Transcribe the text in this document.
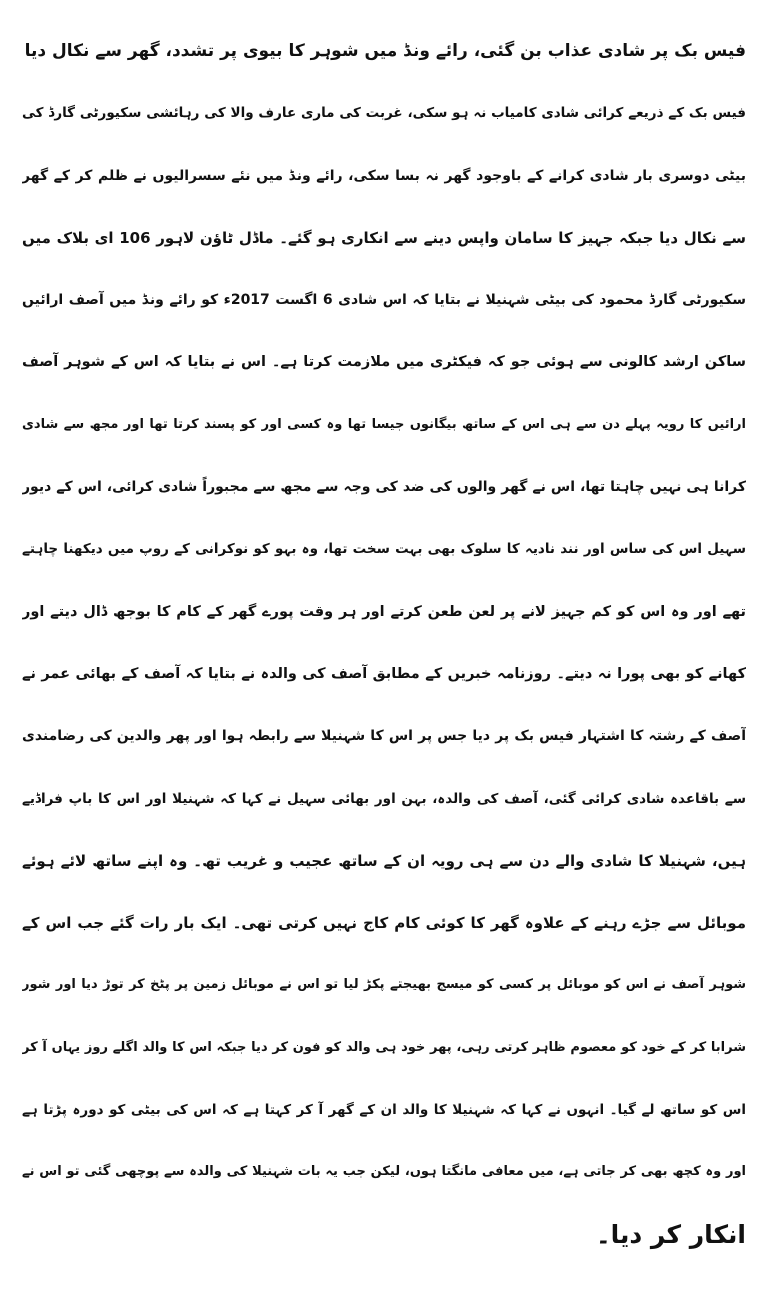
فیس بک پر شادی عذاب بن گئی، رائے ونڈ میں شوہر کا بیوی پر تشدد، گھر سے نکال دیا
فیس بک کے ذریعے کرائی شادی کامیاب نہ ہو سکی، غربت کی ماری عارف والا کی رہائشی سکیورٹی گارڈ کی
بیٹی دوسری بار شادی کرانے کے باوجود گھر نہ بسا سکی، رائے ونڈ میں نئے سسرالیوں نے ظلم کر کے گھر
سے نکال دیا جبکہ جہیز کا سامان واپس دینے سے انکاری ہو گئے۔ ماڈل ٹاؤن لاہور 106 ای بلاک میں
سکیورٹی گارڈ محمود کی بیٹی شہنیلا نے بتایا کہ اس شادی 6 اگست 2017ء کو رائے ونڈ میں آصف ارائیں
ساکن ارشد کالونی سے ہوئی جو کہ فیکٹری میں ملازمت کرتا ہے۔ اس نے بتایا کہ اس کے شوہر آصف
ارائیں کا رویہ پہلے دن سے ہی اس کے ساتھ بیگانوں جیسا تھا وہ کسی اور کو پسند کرتا تھا اور مجھ سے شادی
کرانا ہی نہیں چاہتا تھا، اس نے گھر والوں کی ضد کی وجہ سے مجھ سے مجبوراً شادی کرائی، اس کے دیور
سہیل اس کی ساس اور نند نادیہ کا سلوک بھی بہت سخت تھا، وہ بہو کو نوکرانی کے روپ میں دیکھنا چاہتے
تھے اور وہ اس کو کم جہیز لانے پر لعن طعن کرتے اور ہر وقت پورے گھر کے کام کا بوجھ ڈال دیتے اور
کھانے کو بھی پورا نہ دیتے۔ روزنامہ خبریں کے مطابق آصف کی والدہ نے بتایا کہ آصف کے بھائی عمر نے
آصف کے رشتہ کا اشتہار فیس بک پر دیا جس پر اس کا شہنیلا سے رابطہ ہوا اور پھر والدین کی رضامندی
سے باقاعدہ شادی کرائی گئی، آصف کی والدہ، بہن اور بھائی سہیل نے کہا کہ شہنیلا اور اس کا باپ فراڈیے
ہیں، شہنیلا کا شادی والے دن سے ہی رویہ ان کے ساتھ عجیب و غریب تھ۔ وہ اپنے ساتھ لائے ہوئے
موبائل سے جڑے رہنے کے علاوہ گھر کا کوئی کام کاج نہیں کرتی تھی۔ ایک بار رات گئے جب اس کے
شوہر آصف نے اس کو موبائل پر کسی کو میسج بھیجتے پکڑ لیا تو اس نے موبائل زمین پر پٹخ کر توڑ دیا اور شور
شرابا کر کے خود کو معصوم ظاہر کرتی رہی، پھر خود ہی والد کو فون کر دیا جبکہ اس کا والد اگلے روز یہاں آ کر
اس کو ساتھ لے گیا۔ انہوں نے کہا کہ شہنیلا کا والد ان کے گھر آ کر کہتا ہے کہ اس کی بیٹی کو دورہ پڑتا ہے
اور وہ کچھ بھی کر جاتی ہے، میں معافی مانگتا ہوں، لیکن جب یہ بات شہنیلا کی والدہ سے پوچھی گئی تو اس نے
انکار کر دیا۔
